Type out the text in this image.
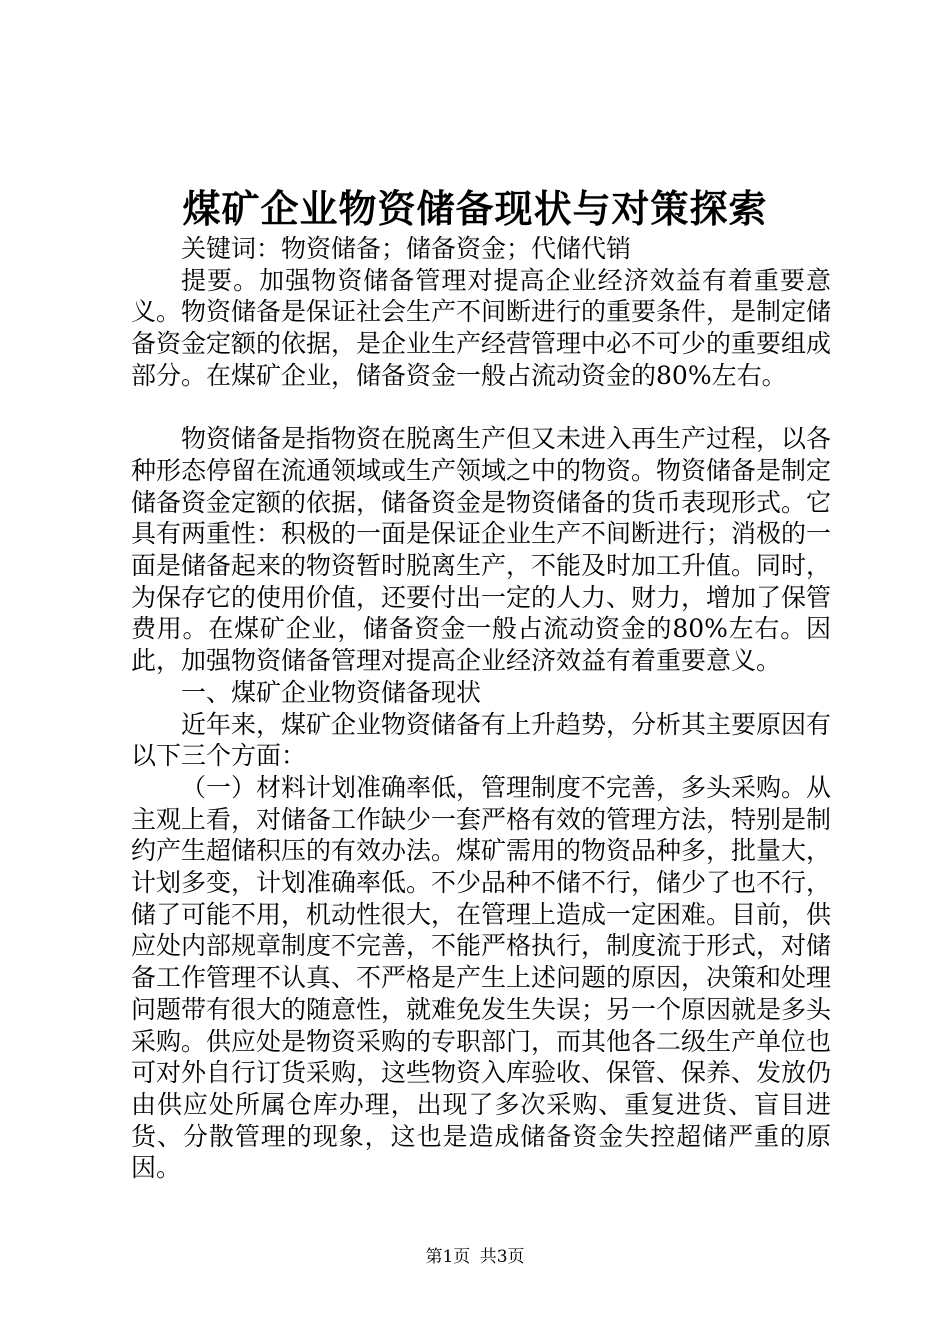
煤矿企业物资储备现状与对策探索

关键词：物资储备；储备资金；代储代销

提要。加强物资储备管理对提高企业经济效益有着重要意义。物资储备是保证社会生产不间断进行的重要条件，是制定储备资金定额的依据，是企业生产经营管理中必不可少的重要组成部分。在煤矿企业，储备资金一般占流动资金的80%左右。

物资储备是指物资在脱离生产但又未进入再生产过程，以各种形态停留在流通领域或生产领域之中的物资。物资储备是制定储备资金定额的依据，储备资金是物资储备的货币表现形式。它具有两重性：积极的一面是保证企业生产不间断进行；消极的一面是储备起来的物资暂时脱离生产，不能及时加工升值。同时，为保存它的使用价值，还要付出一定的人力、财力，增加了保管费用。在煤矿企业，储备资金一般占流动资金的80%左右。因此，加强物资储备管理对提高企业经济效益有着重要意义。

一、煤矿企业物资储备现状

近年来，煤矿企业物资储备有上升趋势，分析其主要原因有以下三个方面：

（一）材料计划准确率低，管理制度不完善，多头采购。从主观上看，对储备工作缺少一套严格有效的管理方法，特别是制约产生超储积压的有效办法。煤矿需用的物资品种多，批量大，计划多变，计划准确率低。不少品种不储不行，储少了也不行，储了可能不用，机动性很大，在管理上造成一定困难。目前，供应处内部规章制度不完善，不能严格执行，制度流于形式，对储备工作管理不认真、不严格是产生上述问题的原因，决策和处理问题带有很大的随意性，就难免发生失误；另一个原因就是多头采购。供应处是物资采购的专职部门，而其他各二级生产单位也可对外自行订货采购，这些物资入库验收、保管、保养、发放仍由供应处所属仓库办理，出现了多次采购、重复进货、盲目进货、分散管理的现象，这也是造成储备资金失控超储严重的原因。

第1页 共3页
